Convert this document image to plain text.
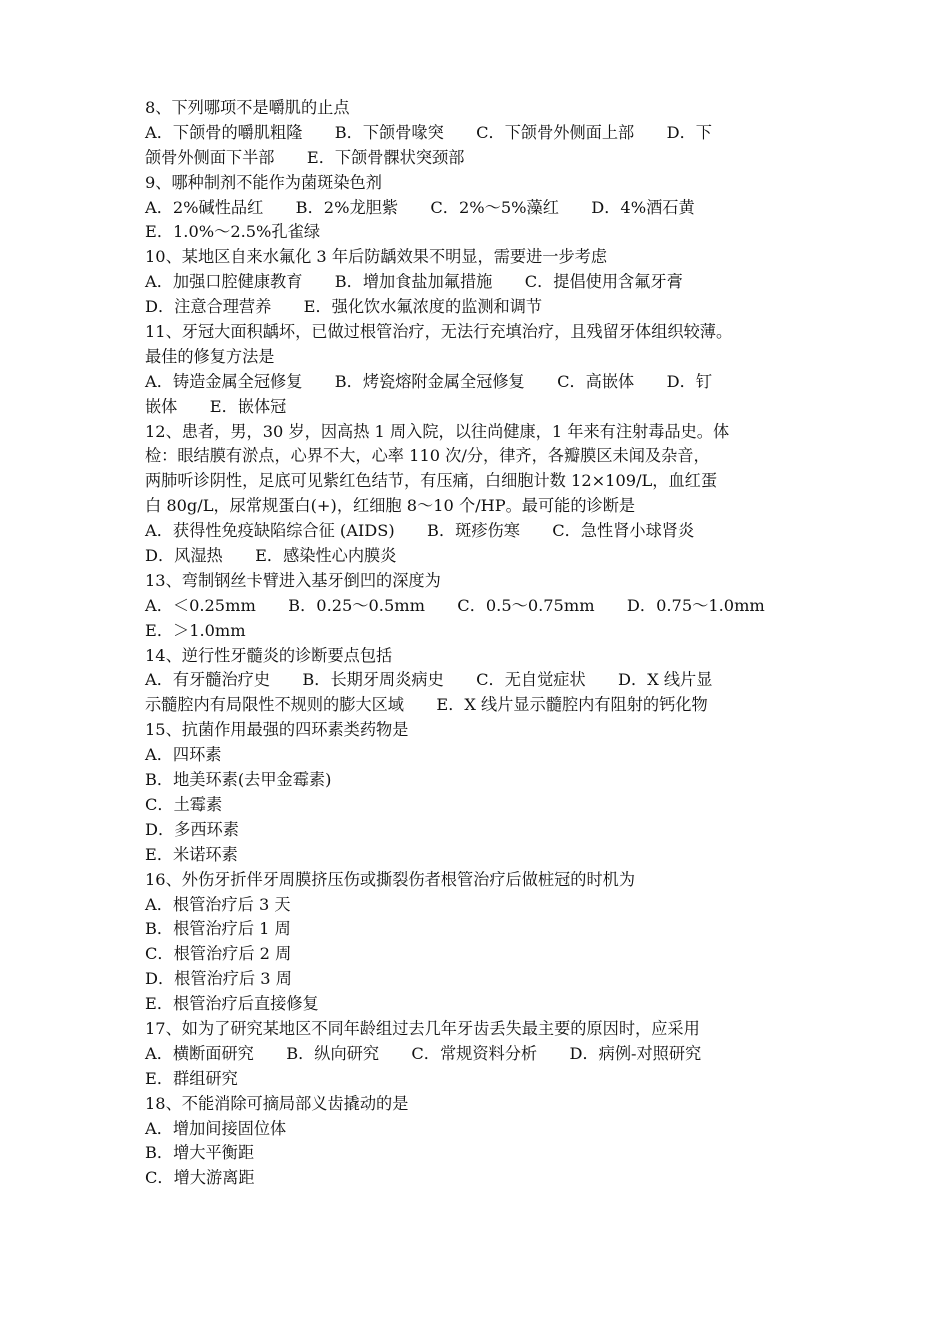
8、下列哪项不是嚼肌的止点
A．下颌骨的嚼肌粗隆　　B．下颌骨喙突　　C．下颌骨外侧面上部　　D．下
颌骨外侧面下半部　　E．下颌骨髁状突颈部
9、哪种制剂不能作为菌斑染色剂
A．2%碱性品红　　B．2%龙胆紫　　C．2%～5%藻红　　D．4%酒石黄
E．1.0%～2.5%孔雀绿
10、某地区自来水氟化 3 年后防龋效果不明显，需要进一步考虑
A．加强口腔健康教育　　B．增加食盐加氟措施　　C．提倡使用含氟牙膏
D．注意合理营养　　E．强化饮水氟浓度的监测和调节
11、牙冠大面积龋坏，已做过根管治疗，无法行充填治疗，且残留牙体组织较薄。
最佳的修复方法是
A．铸造金属全冠修复　　B．烤瓷熔附金属全冠修复　　C．高嵌体　　D．钉
嵌体　　E．嵌体冠
12、患者，男，30 岁，因高热 1 周入院，以往尚健康，1 年来有注射毒品史。体
检：眼结膜有淤点，心界不大，心率 110 次/分，律齐，各瓣膜区未闻及杂音，
两肺听诊阴性，足底可见紫红色结节，有压痛，白细胞计数 12×109/L，血红蛋
白 80g/L，尿常规蛋白(+)，红细胞 8～10 个/HP。最可能的诊断是
A．获得性免疫缺陷综合征 (AIDS)　　B．斑疹伤寒　　C．急性肾小球肾炎
D．风湿热　　E．感染性心内膜炎
13、弯制钢丝卡臂进入基牙倒凹的深度为
A．＜0.25mm　　B．0.25～0.5mm　　C．0.5～0.75mm　　D．0.75～1.0mm
E．＞1.0mm
14、逆行性牙髓炎的诊断要点包括
A．有牙髓治疗史　　B．长期牙周炎病史　　C．无自觉症状　　D．X 线片显
示髓腔内有局限性不规则的膨大区域　　E．X 线片显示髓腔内有阻射的钙化物
15、抗菌作用最强的四环素类药物是
A．四环素
B．地美环素(去甲金霉素)
C．土霉素
D．多西环素
E．米诺环素
16、外伤牙折伴牙周膜挤压伤或撕裂伤者根管治疗后做桩冠的时机为
A．根管治疗后 3 天
B．根管治疗后 1 周
C．根管治疗后 2 周
D．根管治疗后 3 周
E．根管治疗后直接修复
17、如为了研究某地区不同年龄组过去几年牙齿丢失最主要的原因时，应采用
A．横断面研究　　B．纵向研究　　C．常规资料分析　　D．病例-对照研究
E．群组研究
18、不能消除可摘局部义齿撬动的是
A．增加间接固位体
B．增大平衡距
C．增大游离距
